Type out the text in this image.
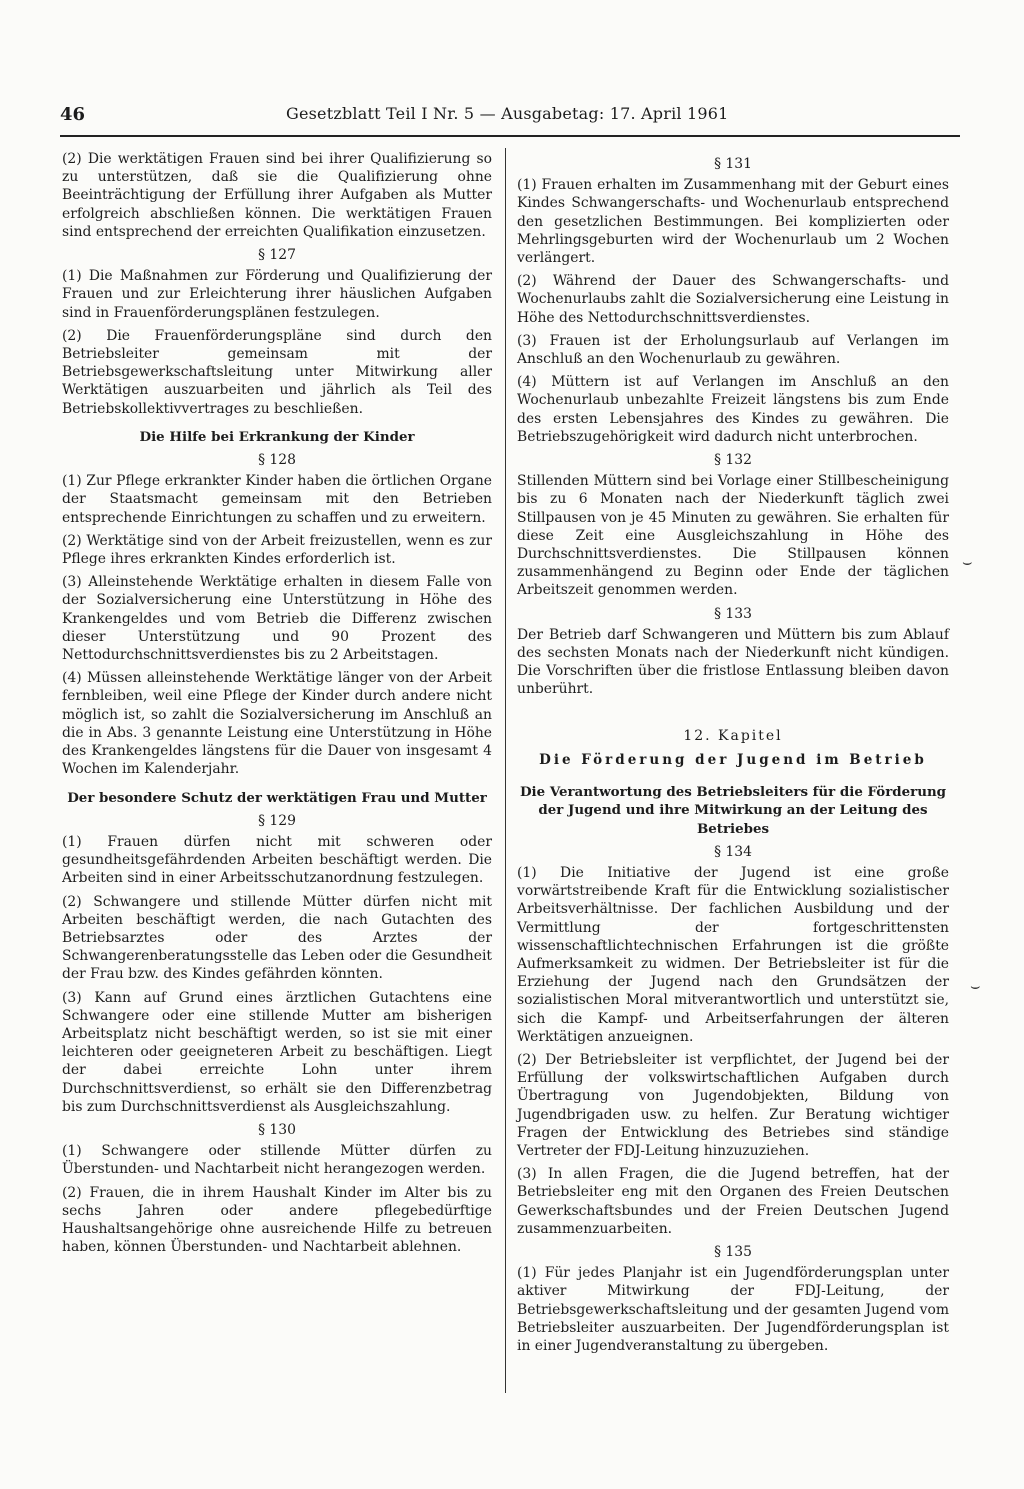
46	Gesetzblatt Teil I Nr. 5 — Ausgabetag: 17. April 1961

(2) Die werktätigen Frauen sind bei ihrer Qualifizierung so zu unterstützen, daß sie die Qualifizierung ohne Beeinträchtigung der Erfüllung ihrer Aufgaben als Mutter erfolgreich abschließen können. Die werktätigen Frauen sind entsprechend der erreichten Qualifikation einzusetzen.

§ 127

(1) Die Maßnahmen zur Förderung und Qualifizierung der Frauen und zur Erleichterung ihrer häuslichen Aufgaben sind in Frauenförderungsplänen festzulegen.

(2) Die Frauenförderungspläne sind durch den Betriebsleiter gemeinsam mit der Betriebsgewerkschaftsleitung unter Mitwirkung aller Werktätigen auszuarbeiten und jährlich als Teil des Betriebskollektivvertrages zu beschließen.

Die Hilfe bei Erkrankung der Kinder
§ 128

(1) Zur Pflege erkrankter Kinder haben die örtlichen Organe der Staatsmacht gemeinsam mit den Betrieben entsprechende Einrichtungen zu schaffen und zu erweitern.

(2) Werktätige sind von der Arbeit freizustellen, wenn es zur Pflege ihres erkrankten Kindes erforderlich ist.

(3) Alleinstehende Werktätige erhalten in diesem Falle von der Sozialversicherung eine Unterstützung in Höhe des Krankengeldes und vom Betrieb die Differenz zwischen dieser Unterstützung und 90 Prozent des Nettodurchschnittsverdienstes bis zu 2 Arbeitstagen.

(4) Müssen alleinstehende Werktätige länger von der Arbeit fernbleiben, weil eine Pflege der Kinder durch andere nicht möglich ist, so zahlt die Sozialversicherung im Anschluß an die in Abs. 3 genannte Leistung eine Unterstützung in Höhe des Krankengeldes längstens für die Dauer von insgesamt 4 Wochen im Kalenderjahr.

Der besondere Schutz der werktätigen Frau und Mutter
§ 129

(1) Frauen dürfen nicht mit schweren oder gesundheitsgefährdenden Arbeiten beschäftigt werden. Die Arbeiten sind in einer Arbeitsschutzanordnung festzulegen.

(2) Schwangere und stillende Mütter dürfen nicht mit Arbeiten beschäftigt werden, die nach Gutachten des Betriebsarztes oder des Arztes der Schwangerenberatungsstelle das Leben oder die Gesundheit der Frau bzw. des Kindes gefährden könnten.

(3) Kann auf Grund eines ärztlichen Gutachtens eine Schwangere oder eine stillende Mutter am bisherigen Arbeitsplatz nicht beschäftigt werden, so ist sie mit einer leichteren oder geeigneteren Arbeit zu beschäftigen. Liegt der dabei erreichte Lohn unter ihrem Durchschnittsverdienst, so erhält sie den Differenzbetrag bis zum Durchschnittsverdienst als Ausgleichszahlung.

§ 130

(1) Schwangere oder stillende Mütter dürfen zu Überstunden- und Nachtarbeit nicht herangezogen werden.

(2) Frauen, die in ihrem Haushalt Kinder im Alter bis zu sechs Jahren oder andere pflegebedürftige Haushaltsangehörige ohne ausreichende Hilfe zu betreuen haben, können Überstunden- und Nachtarbeit ablehnen.

§ 131

(1) Frauen erhalten im Zusammenhang mit der Geburt eines Kindes Schwangerschafts- und Wochenurlaub entsprechend den gesetzlichen Bestimmungen. Bei komplizierten oder Mehrlingsgeburten wird der Wochenurlaub um 2 Wochen verlängert.

(2) Während der Dauer des Schwangerschafts- und Wochenurlaubs zahlt die Sozialversicherung eine Leistung in Höhe des Nettodurchschnittsverdienstes.

(3) Frauen ist der Erholungsurlaub auf Verlangen im Anschluß an den Wochenurlaub zu gewähren.

(4) Müttern ist auf Verlangen im Anschluß an den Wochenurlaub unbezahlte Freizeit längstens bis zum Ende des ersten Lebensjahres des Kindes zu gewähren. Die Betriebszugehörigkeit wird dadurch nicht unterbrochen.

§ 132

Stillenden Müttern sind bei Vorlage einer Stillbescheinigung bis zu 6 Monaten nach der Niederkunft täglich zwei Stillpausen von je 45 Minuten zu gewähren. Sie erhalten für diese Zeit eine Ausgleichszahlung in Höhe des Durchschnittsverdienstes. Die Stillpausen können zusammenhängend zu Beginn oder Ende der täglichen Arbeitszeit genommen werden.

§ 133

Der Betrieb darf Schwangeren und Müttern bis zum Ablauf des sechsten Monats nach der Niederkunft nicht kündigen. Die Vorschriften über die fristlose Entlassung bleiben davon unberührt.

12. Kapitel
Die Förderung der Jugend im Betrieb
Die Verantwortung des Betriebsleiters für die Förderung der Jugend und ihre Mitwirkung an der Leitung des Betriebes
§ 134

(1) Die Initiative der Jugend ist eine große vorwärtstreibende Kraft für die Entwicklung sozialistischer Arbeitsverhältnisse. Der fachlichen Ausbildung und der Vermittlung der fortgeschrittensten wissenschaftlichtechnischen Erfahrungen ist die größte Aufmerksamkeit zu widmen. Der Betriebsleiter ist für die Erziehung der Jugend nach den Grundsätzen der sozialistischen Moral mitverantwortlich und unterstützt sie, sich die Kampf- und Arbeitserfahrungen der älteren Werktätigen anzueignen.

(2) Der Betriebsleiter ist verpflichtet, der Jugend bei der Erfüllung der volkswirtschaftlichen Aufgaben durch Übertragung von Jugendobjekten, Bildung von Jugendbrigaden usw. zu helfen. Zur Beratung wichtiger Fragen der Entwicklung des Betriebes sind ständige Vertreter der FDJ-Leitung hinzuzuziehen.

(3) In allen Fragen, die die Jugend betreffen, hat der Betriebsleiter eng mit den Organen des Freien Deutschen Gewerkschaftsbundes und der Freien Deutschen Jugend zusammenzuarbeiten.

§ 135

(1) Für jedes Planjahr ist ein Jugendförderungsplan unter aktiver Mitwirkung der FDJ-Leitung, der Betriebsgewerkschaftsleitung und der gesamten Jugend vom Betriebsleiter auszuarbeiten. Der Jugendförderungsplan ist in einer Jugendveranstaltung zu übergeben.

⌣
⌣
